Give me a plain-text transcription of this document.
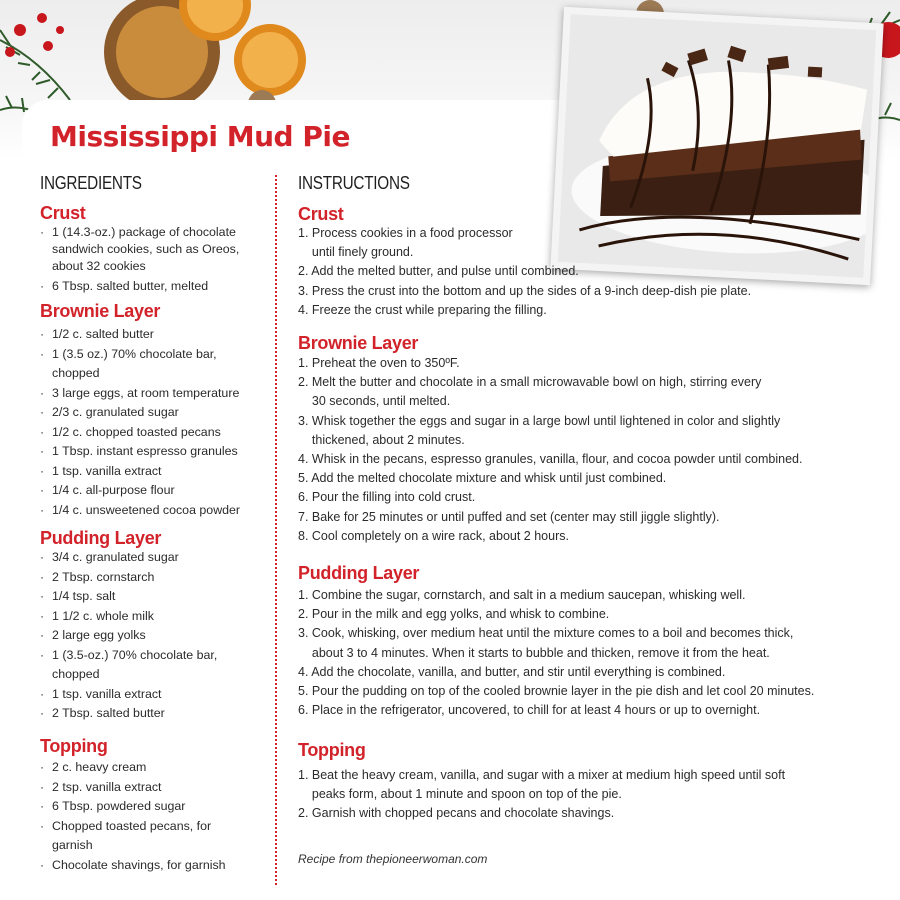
Mississippi Mud Pie
INGREDIENTS
Crust
· 1 (14.3-oz.) package of chocolate sandwich cookies, such as Oreos, about 32 cookies
· 6 Tbsp. salted butter, melted
Brownie Layer
· 1/2 c. salted butter
· 1 (3.5 oz.) 70% chocolate bar, chopped
· 3 large eggs, at room temperature
· 2/3 c. granulated sugar
· 1/2 c. chopped toasted pecans
· 1 Tbsp. instant espresso granules
· 1 tsp. vanilla extract
· 1/4 c. all-purpose flour
· 1/4 c. unsweetened cocoa powder
Pudding Layer
· 3/4 c. granulated sugar
· 2 Tbsp. cornstarch
· 1/4 tsp. salt
· 1 1/2 c. whole milk
· 2 large egg yolks
· 1 (3.5-oz.) 70% chocolate bar, chopped
· 1 tsp. vanilla extract
· 2 Tbsp. salted butter
Topping
· 2 c. heavy cream
· 2 tsp. vanilla extract
· 6 Tbsp. powdered sugar
· Chopped toasted pecans, for garnish
· Chocolate shavings, for garnish
INSTRUCTIONS
Crust
1. Process cookies in a food processor
until finely ground.
2. Add the melted butter, and pulse until combined.
3. Press the crust into the bottom and up the sides of a 9-inch deep-dish pie plate.
4. Freeze the crust while preparing the filling.
Brownie Layer
1. Preheat the oven to 350ºF.
2. Melt the butter and chocolate in a small microwavable bowl on high, stirring every
30 seconds, until melted.
3. Whisk together the eggs and sugar in a large bowl until lightened in color and slightly
thickened, about 2 minutes.
4. Whisk in the pecans, espresso granules, vanilla, flour, and cocoa powder until combined.
5. Add the melted chocolate mixture and whisk until just combined.
6. Pour the filling into cold crust.
7. Bake for 25 minutes or until puffed and set (center may still jiggle slightly).
8. Cool completely on a wire rack, about 2 hours.
Pudding Layer
1. Combine the sugar, cornstarch, and salt in a medium saucepan, whisking well.
2. Pour in the milk and egg yolks, and whisk to combine.
3. Cook, whisking, over medium heat until the mixture comes to a boil and becomes thick,
about 3 to 4 minutes. When it starts to bubble and thicken, remove it from the heat.
4. Add the chocolate, vanilla, and butter, and stir until everything is combined.
5. Pour the pudding on top of the cooled brownie layer in the pie dish and let cool 20 minutes.
6. Place in the refrigerator, uncovered, to chill for at least 4 hours or up to overnight.
Topping
1. Beat the heavy cream, vanilla, and sugar with a mixer at medium high speed until soft
peaks form, about 1 minute and spoon on top of the pie.
2. Garnish with chopped pecans and chocolate shavings.

Recipe from thepioneerwoman.com
